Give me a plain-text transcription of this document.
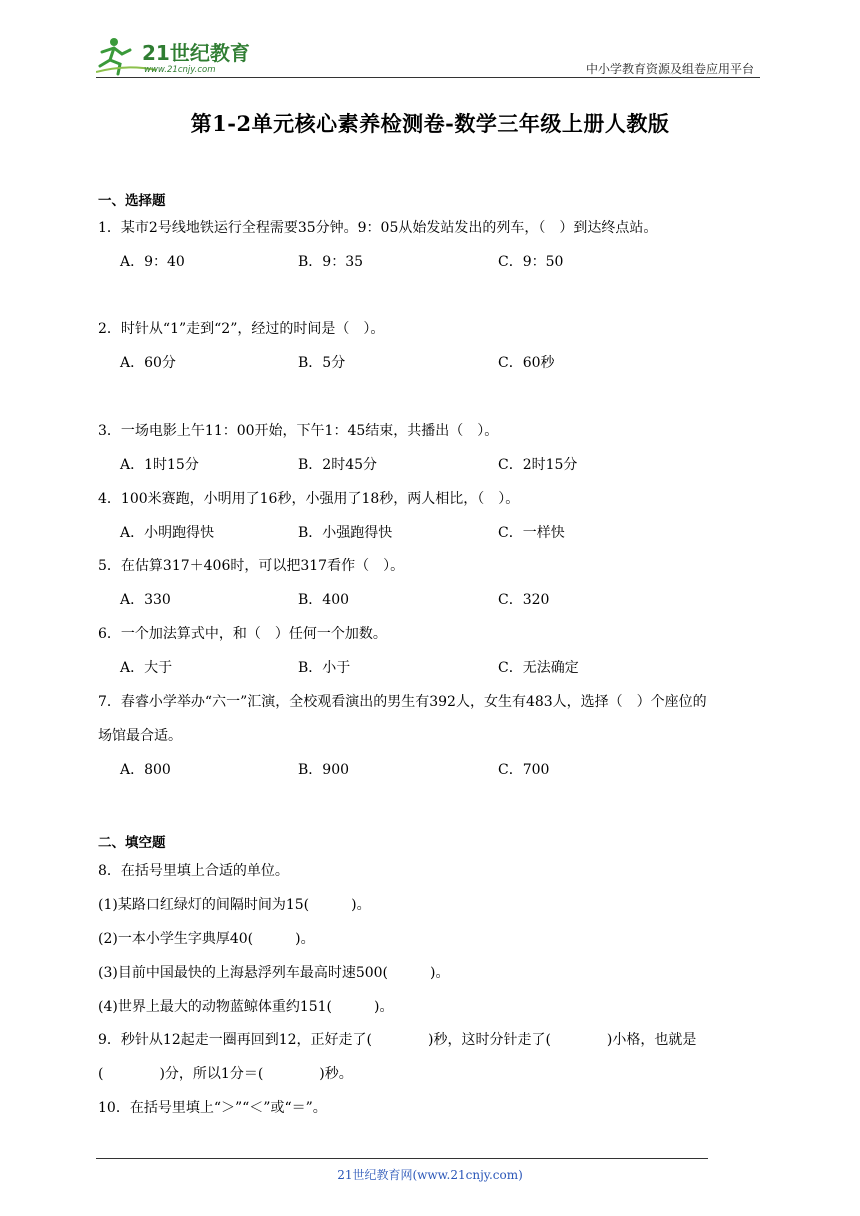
21世纪教育
www.21cnjy.com	中小学教育资源及组卷应用平台
第1-2单元核心素养检测卷-数学三年级上册人教版
一、选择题
1．某市2号线地铁运行全程需要35分钟。9：05从始发站发出的列车，（　）到达终点站。
A．9：40	B．9：35	C．9：50
2．时针从“1”走到“2”，经过的时间是（　）。
A．60分	B．5分	C．60秒
3．一场电影上午11：00开始，下午1：45结束，共播出（　）。
A．1时15分	B．2时45分	C．2时15分
4．100米赛跑，小明用了16秒，小强用了18秒，两人相比，（　）。
A．小明跑得快	B．小强跑得快	C．一样快
5．在估算317＋406时，可以把317看作（　）。
A．330	B．400	C．320
6．一个加法算式中，和（　）任何一个加数。
A．大于	B．小于	C．无法确定
7．春睿小学举办“六一”汇演，全校观看演出的男生有392人，女生有483人，选择（　）个座位的
场馆最合适。
A．800	B．900	C．700
二、填空题
8．在括号里填上合适的单位。
(1)某路口红绿灯的间隔时间为15(　　　)。
(2)一本小学生字典厚40(　　　)。
(3)目前中国最快的上海悬浮列车最高时速500(　　　)。
(4)世界上最大的动物蓝鲸体重约151(　　　)。
9．秒针从12起走一圈再回到12，正好走了(　　　　)秒，这时分针走了(　　　　)小格，也就是
(　　　　)分，所以1分＝(　　　　)秒。
10．在括号里填上“＞”“＜”或“＝”。
21世纪教育网(www.21cnjy.com)
